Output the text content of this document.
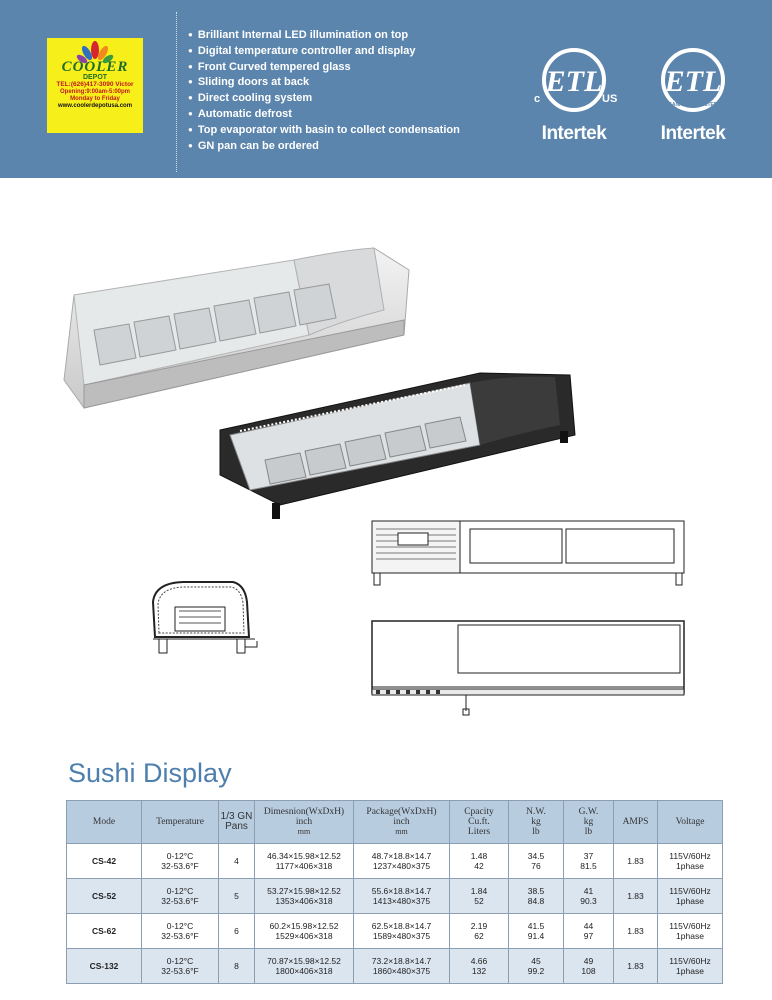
COOLER
DEPOT
TEL:(626)417-3090 Victor
Opening:9:00am-5:00pm
Monday to Friday
www.coolerdepotusa.com
● Brilliant Internal LED illumination on top
● Digital temperature controller and display
● Front Curved tempered glass
● Sliding doors at back
● Direct cooling system
● Automatic defrost
● Top evaporator with basin to collect condensation
● GN pan can be ordered
ETL
c	US
LISTED
Intertek
ETL
SANITATION LISTED
Intertek
Sushi Display
Mode	Temperature	1/3 GN
Pans	Dimesnion(WxDxH)
inch
mm	Package(WxDxH)
inch
mm	Cpacity
Cu.ft.
Liters	N.W.
kg
lb	G.W.
kg
lb	AMPS	Voltage

CS-42	0-12°C
32-53.6°F	4	46.34×15.98×12.52
1177×406×318	48.7×18.8×14.7
1237×480×375	1.48
42	34.5
76	37
81.5	1.83	115V/60Hz
1phase

CS-52	0-12°C
32-53.6°F	5	53.27×15.98×12.52
1353×406×318	55.6×18.8×14.7
1413×480×375	1.84
52	38.5
84.8	41
90.3	1.83	115V/60Hz
1phase

CS-62	0-12°C
32-53.6°F	6	60.2×15.98×12.52
1529×406×318	62.5×18.8×14.7
1589×480×375	2.19
62	41.5
91.4	44
97	1.83	115V/60Hz
1phase

CS-132	0-12°C
32-53.6°F	8	70.87×15.98×12.52
1800×406×318	73.2×18.8×14.7
1860×480×375	4.66
132	45
99.2	49
108	1.83	115V/60Hz
1phase
